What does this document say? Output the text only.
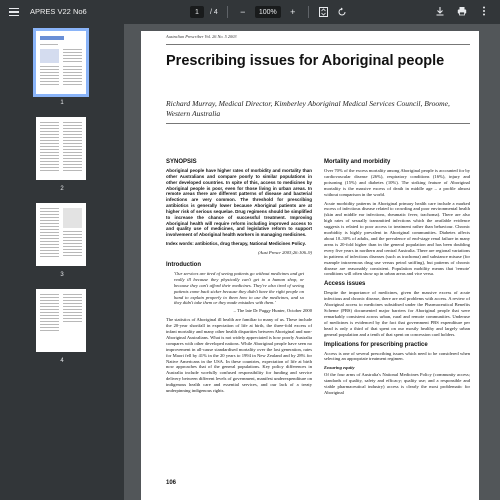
APRES V22 No6	1	/ 4	−	100%	+
1
2
3
4
Australian Prescriber Vol. 26 No. 5 2003
Prescribing issues for Aboriginal people
Richard Murray, Medical Director, Kimberley Aboriginal Medical Services Council, Broome, Western Australia
SYNOPSIS

Aboriginal people have higher rates of morbidity and mortality than other Australians and compare poorly to similar populations in other developed countries. In spite of this, access to medicines by Aboriginal people is poor, even for those living in urban areas. In remote areas there are different patterns of disease and bacterial infections are very common. The threshold for prescribing antibiotics is generally lower because Aboriginal patients are at higher risk of serious sequelae. Drug regimens should be simplified to increase the chance of successful treatment. Improving Aboriginal health will require reform including improved access to and quality use of medicines, and legislative reform to support involvement of Aboriginal health workers in managing medicines.

Index words: antibiotics, drug therapy, National Medicines Policy.

(Aust Prescr 2003;26:106–9)
Introduction

'Our services are tired of seeing patients go without medicines and get really ill because they physically can't get to a human shop, or because they can't afford their medicines. They're also tired of seeing patients come back sicker because they didn't have the right people on hand to explain properly to them how to use the medicines, and so they didn't take them or they made mistakes with them.'

– The late Dr Puggy Hunter, October 2000

The statistics of Aboriginal ill health are familiar to many of us. These include the 20-year shortfall in expectation of life at birth, the three-fold excess of infant mortality and many other health disparities between Aboriginal and non-Aboriginal Australians. What is not widely appreciated is how poorly Australia compares with other developed nations. While Aboriginal people have seen no improvement in all-cause standardised mortality over the last generation, rates for Maori fell by 41% in the 20 years to 1994 in New Zealand and by 28% for Native Americans in the USA. In these countries, expectation of life at birth now approaches that of the general populations. Key policy differences in Australia include woefully confused responsibility for funding and service delivery between different levels of government, manifest underexpenditure on indigenous health care and essential services, and our lack of a treaty underpinning indigenous rights.

Mortality and morbidity

Over 70% of the excess mortality among Aboriginal people is accounted for by cardiovascular disease (26%), respiratory conditions (16%), injury and poisoning (15%) and diabetes (10%). The striking feature of Aboriginal mortality is the massive excess of death in middle age – a profile almost without comparison in the world.

Acute morbidity patterns in Aboriginal primary health care include a marked excess of infectious disease related to crowding and poor environmental health (skin and middle ear infections, rheumatic fever, trachoma). There are also high rates of sexually transmitted infections which the available evidence suggests is related to poor access to treatment rather than behaviour. Chronic morbidity is highly prevalent in Aboriginal communities. Diabetes affects about 10–30% of adults, and the prevalence of end-stage renal failure in many areas is 20-fold higher than in the general population and has been doubling every five years in northern and central Australia. There are regional variations in patterns of infectious diseases (such as trachoma) and substance misuse (for example intravenous drug use versus petrol sniffing), but patterns of chronic disease are reasonably consistent. Population mobility means that 'remote' conditions will often show up in urban areas and vice versa.

Access issues

Despite the importance of medicines, given the massive excess of acute infectious and chronic disease, there are real problems with access. A review of Aboriginal access to medicines subsidised under the Pharmaceutical Benefits Scheme (PBS) documented major barriers for Aboriginal people that were remarkably consistent across urban, rural and remote communities. Underuse of medicines is evidenced by the fact that government PBS expenditure per head is only a third of that spent on our mostly healthy and largely urban general population and a tenth of that spent on concession card holders.

Implications for prescribing practice

Access is one of several prescribing issues which need to be considered when selecting an appropriate treatment regimen.

Ensuring equity

Of the four arms of Australia's National Medicines Policy (community access; standards of quality, safety and efficacy; quality use; and a responsible and viable pharmaceutical industry) access is clearly the most problematic for Aboriginal

106
